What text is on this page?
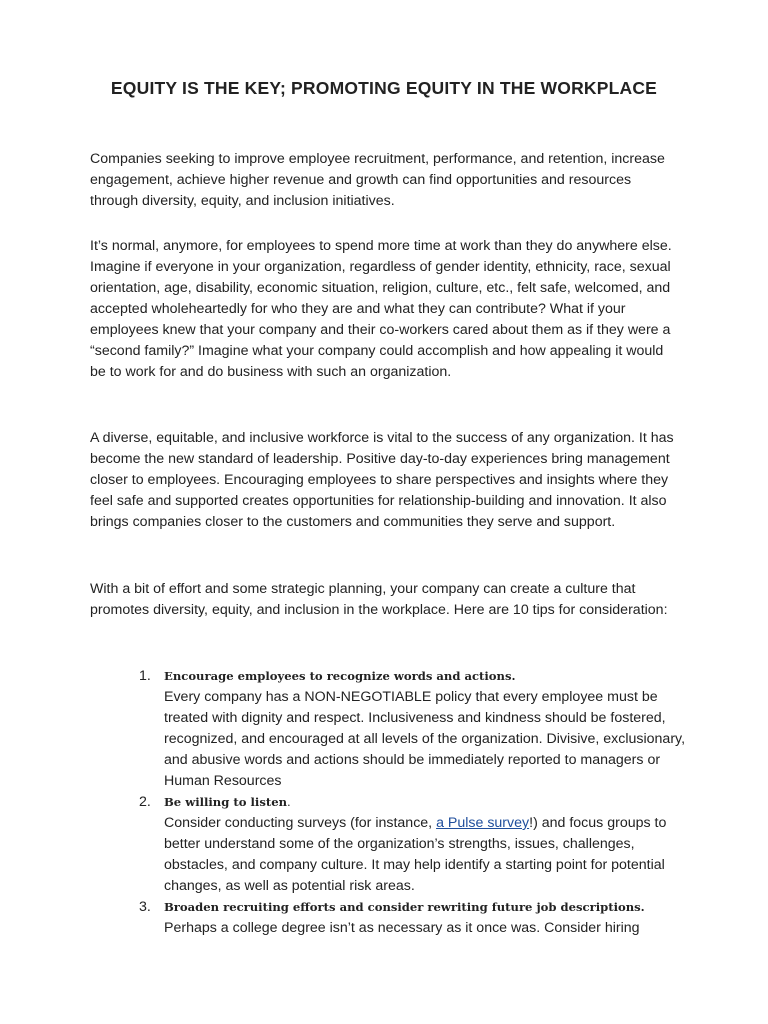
EQUITY IS THE KEY; PROMOTING EQUITY IN THE WORKPLACE

Companies seeking to improve employee recruitment, performance, and retention, increase engagement, achieve higher revenue and growth can find opportunities and resources through diversity, equity, and inclusion initiatives.

It’s normal, anymore, for employees to spend more time at work than they do anywhere else. Imagine if everyone in your organization, regardless of gender identity, ethnicity, race, sexual orientation, age, disability, economic situation, religion, culture, etc., felt safe, welcomed, and accepted wholeheartedly for who they are and what they can contribute? What if your employees knew that your company and their co-workers cared about them as if they were a “second family?” Imagine what your company could accomplish and how appealing it would be to work for and do business with such an organization.

A diverse, equitable, and inclusive workforce is vital to the success of any organization. It has become the new standard of leadership. Positive day-to-day experiences bring management closer to employees. Encouraging employees to share perspectives and insights where they feel safe and supported creates opportunities for relationship-building and innovation. It also brings companies closer to the customers and communities they serve and support.

With a bit of effort and some strategic planning, your company can create a culture that promotes diversity, equity, and inclusion in the workplace. Here are 10 tips for consideration:

1.	Encourage employees to recognize words and actions.
Every company has a NON-NEGOTIABLE policy that every employee must be treated with dignity and respect. Inclusiveness and kindness should be fostered, recognized, and encouraged at all levels of the organization. Divisive, exclusionary, and abusive words and actions should be immediately reported to managers or Human Resources
2.	Be willing to listen.
Consider conducting surveys (for instance, a Pulse survey!) and focus groups to better understand some of the organization’s strengths, issues, challenges, obstacles, and company culture. It may help identify a starting point for potential changes, as well as potential risk areas.
3.	Broaden recruiting efforts and consider rewriting future job descriptions.
Perhaps a college degree isn’t as necessary as it once was. Consider hiring
